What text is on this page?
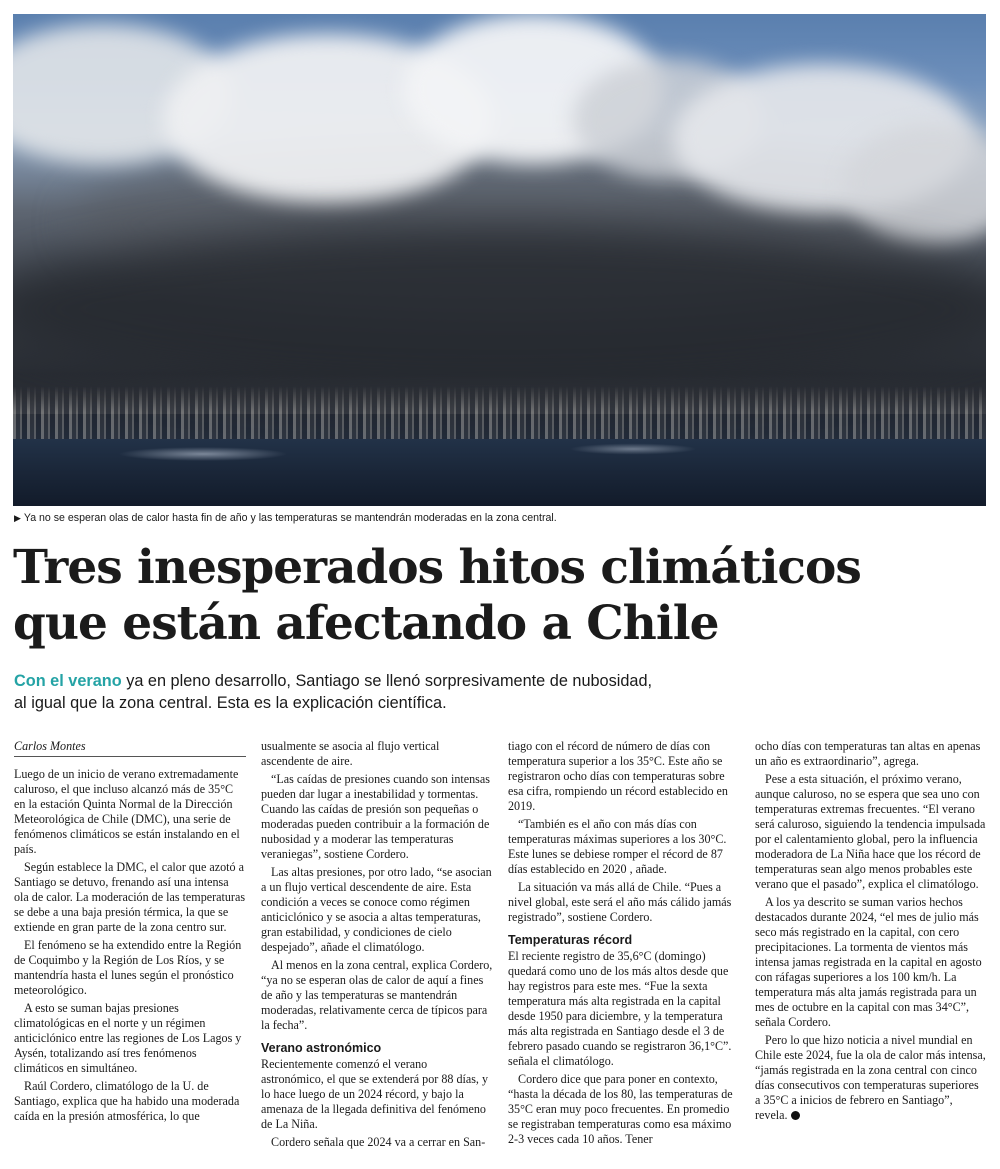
▶ Ya no se esperan olas de calor hasta fin de año y las temperaturas se mantendrán moderadas en la zona central.
Tres inesperados hitos climáticos
que están afectando a Chile
Con el verano ya en pleno desarrollo, Santiago se llenó sorpresivamente de nubosidad,
al igual que la zona central. Esta es la explicación científica.
Carlos Montes

Luego de un inicio de verano extremadamente caluroso, el que incluso alcanzó más de 35°C en la estación Quinta Normal de la Dirección Meteorológica de Chile (DMC), una serie de fenómenos climáticos se están instalando en el país.

Según establece la DMC, el calor que azotó a Santiago se detuvo, frenando así una intensa ola de calor. La moderación de las temperaturas se debe a una baja presión térmica, la que se extiende en gran parte de la zona centro sur.

El fenómeno se ha extendido entre la Región de Coquimbo y la Región de Los Ríos, y se mantendría hasta el lunes según el pronóstico meteorológico.

A esto se suman bajas presiones climatológicas en el norte y un régimen anticiclónico entre las regiones de Los Lagos y Aysén, totalizando así tres fenómenos climáticos en simultáneo.

Raúl Cordero, climatólogo de la U. de Santiago, explica que ha habido una moderada caída en la presión atmosférica, lo que

usualmente se asocia al flujo vertical ascendente de aire.

“Las caídas de presiones cuando son intensas pueden dar lugar a inestabilidad y tormentas. Cuando las caídas de presión son pequeñas o moderadas pueden contribuir a la formación de nubosidad y a moderar las temperaturas veraniegas”, sostiene Cordero.

Las altas presiones, por otro lado, “se asocian a un flujo vertical descendente de aire. Esta condición a veces se conoce como régimen anticiclónico y se asocia a altas temperaturas, gran estabilidad, y condiciones de cielo despejado”, añade el climatólogo.

Al menos en la zona central, explica Cordero, “ya no se esperan olas de calor de aquí a fines de año y las temperaturas se mantendrán moderadas, relativamente cerca de típicos para la fecha”.

Verano astronómico

Recientemente comenzó el verano astronómico, el que se extenderá por 88 días, y lo hace luego de un 2024 récord, y bajo la amenaza de la llegada definitiva del fenómeno de La Niña.

Cordero señala que 2024 va a cerrar en San-

tiago con el récord de número de días con temperatura superior a los 35°C. Este año se registraron ocho días con temperaturas sobre esa cifra, rompiendo un récord establecido en 2019.

“También es el año con más días con temperaturas máximas superiores a los 30°C. Este lunes se debiese romper el récord de 87 días establecido en 2020 , añade.

La situación va más allá de Chile. “Pues a nivel global, este será el año más cálido jamás registrado”, sostiene Cordero.

Temperaturas récord

El reciente registro de 35,6°C (domingo) quedará como uno de los más altos desde que hay registros para este mes. “Fue la sexta temperatura más alta registrada en la capital desde 1950 para diciembre, y la temperatura más alta registrada en Santiago desde el 3 de febrero pasado cuando se registraron 36,1°C”. señala el climatólogo.

Cordero dice que para poner en contexto, “hasta la década de los 80, las temperaturas de 35°C eran muy poco frecuentes. En promedio se registraban temperaturas como esa máximo 2-3 veces cada 10 años. Tener

ocho días con temperaturas tan altas en apenas un año es extraordinario”, agrega.

Pese a esta situación, el próximo verano, aunque caluroso, no se espera que sea uno con temperaturas extremas frecuentes. “El verano será caluroso, siguiendo la tendencia impulsada por el calentamiento global, pero la influencia moderadora de La Niña hace que los récord de temperaturas sean algo menos probables este verano que el pasado”, explica el climatólogo.

A los ya descrito se suman varios hechos destacados durante 2024, “el mes de julio más seco más registrado en la capital, con cero precipitaciones. La tormenta de vientos más intensa jamas registrada en la capital en agosto con ráfagas superiores a los 100 km/h. La temperatura más alta jamás registrada para un mes de octubre en la capital con mas 34°C”, señala Cordero.

Pero lo que hizo noticia a nivel mundial en Chile este 2024, fue la ola de calor más intensa, “jamás registrada en la zona central con cinco días consecutivos con temperaturas superiores a 35°C a inicios de febrero en Santiago”, revela.
